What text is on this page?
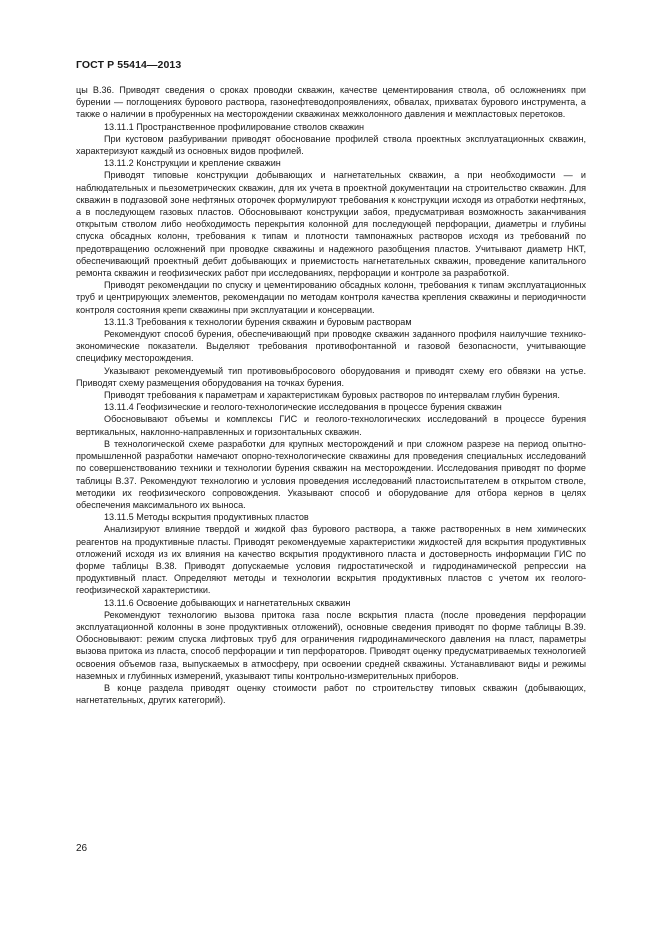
ГОСТ Р 55414—2013

цы В.36. Приводят сведения о сроках проводки скважин, качестве цементирования ствола, об осложнениях при бурении — поглощениях бурового раствора, газонефтеводопроявлениях, обвалах, прихватах бурового инструмента, а также о наличии в пробуренных на месторождении скважинах межколонного давления и межпластовых перетоков.

13.11.1 Пространственное профилирование стволов скважин

При кустовом разбуривании приводят обоснование профилей ствола проектных эксплуатационных скважин, характеризуют каждый из основных видов профилей.

13.11.2 Конструкции и крепление скважин

Приводят типовые конструкции добывающих и нагнетательных скважин, а при необходимости — и наблюдательных и пьезометрических скважин, для их учета в проектной документации на строительство скважин. Для скважин в подгазовой зоне нефтяных оторочек формулируют требования к конструкции исходя из отработки нефтяных, а в последующем газовых пластов. Обосновывают конструкции забоя, предусматривая возможность заканчивания открытым стволом либо необходимость перекрытия колонной для последующей перфорации, диаметры и глубины спуска обсадных колонн, требования к типам и плотности тампонажных растворов исходя из требований по предотвращению осложнений при проводке скважины и надежного разобщения пластов. Учитывают диаметр НКТ, обеспечивающий проектный дебит добывающих и приемистость нагнетательных скважин, проведение капитального ремонта скважин и геофизических работ при исследованиях, перфорации и контроле за разработкой.

Приводят рекомендации по спуску и цементированию обсадных колонн, требования к типам эксплуатационных труб и центрирующих элементов, рекомендации по методам контроля качества крепления скважины и периодичности контроля состояния крепи скважины при эксплуатации и консервации.

13.11.3 Требования к технологии бурения скважин и буровым растворам

Рекомендуют способ бурения, обеспечивающий при проводке скважин заданного профиля наилучшие технико-экономические показатели. Выделяют требования противофонтанной и газовой безопасности, учитывающие специфику месторождения.

Указывают рекомендуемый тип противовыбросового оборудования и приводят схему его обвязки на устье. Приводят схему размещения оборудования на точках бурения.

Приводят требования к параметрам и характеристикам буровых растворов по интервалам глубин бурения.

13.11.4 Геофизические и геолого-технологические исследования в процессе бурения скважин

Обосновывают объемы и комплексы ГИС и геолого-технологических исследований в процессе бурения вертикальных, наклонно-направленных и горизонтальных скважин.

В технологической схеме разработки для крупных месторождений и при сложном разрезе на период опытно-промышленной разработки намечают опорно-технологические скважины для проведения специальных исследований по совершенствованию техники и технологии бурения скважин на месторождении. Исследования приводят по форме таблицы В.37. Рекомендуют технологию и условия проведения исследований пластоиспытателем в открытом стволе, методики их геофизического сопровождения. Указывают способ и оборудование для отбора кернов в целях обеспечения максимального их выноса.

13.11.5 Методы вскрытия продуктивных пластов

Анализируют влияние твердой и жидкой фаз бурового раствора, а также растворенных в нем химических реагентов на продуктивные пласты. Приводят рекомендуемые характеристики жидкостей для вскрытия продуктивных отложений исходя из их влияния на качество вскрытия продуктивного пласта и достоверность информации ГИС по форме таблицы В.38. Приводят допускаемые условия гидростатической и гидродинамической репрессии на продуктивный пласт. Определяют методы и технологии вскрытия продуктивных пластов с учетом их геолого-геофизической характеристики.

13.11.6 Освоение добывающих и нагнетательных скважин

Рекомендуют технологию вызова притока газа после вскрытия пласта (после проведения перфорации эксплуатационной колонны в зоне продуктивных отложений), основные сведения приводят по форме таблицы В.39. Обосновывают: режим спуска лифтовых труб для ограничения гидродинамического давления на пласт, параметры вызова притока из пласта, способ перфорации и тип перфораторов. Приводят оценку предусматриваемых технологией освоения объемов газа, выпускаемых в атмосферу, при освоении средней скважины. Устанавливают виды и режимы наземных и глубинных измерений, указывают типы контрольно-измерительных приборов.

В конце раздела приводят оценку стоимости работ по строительству типовых скважин (добывающих, нагнетательных, других категорий).

26
